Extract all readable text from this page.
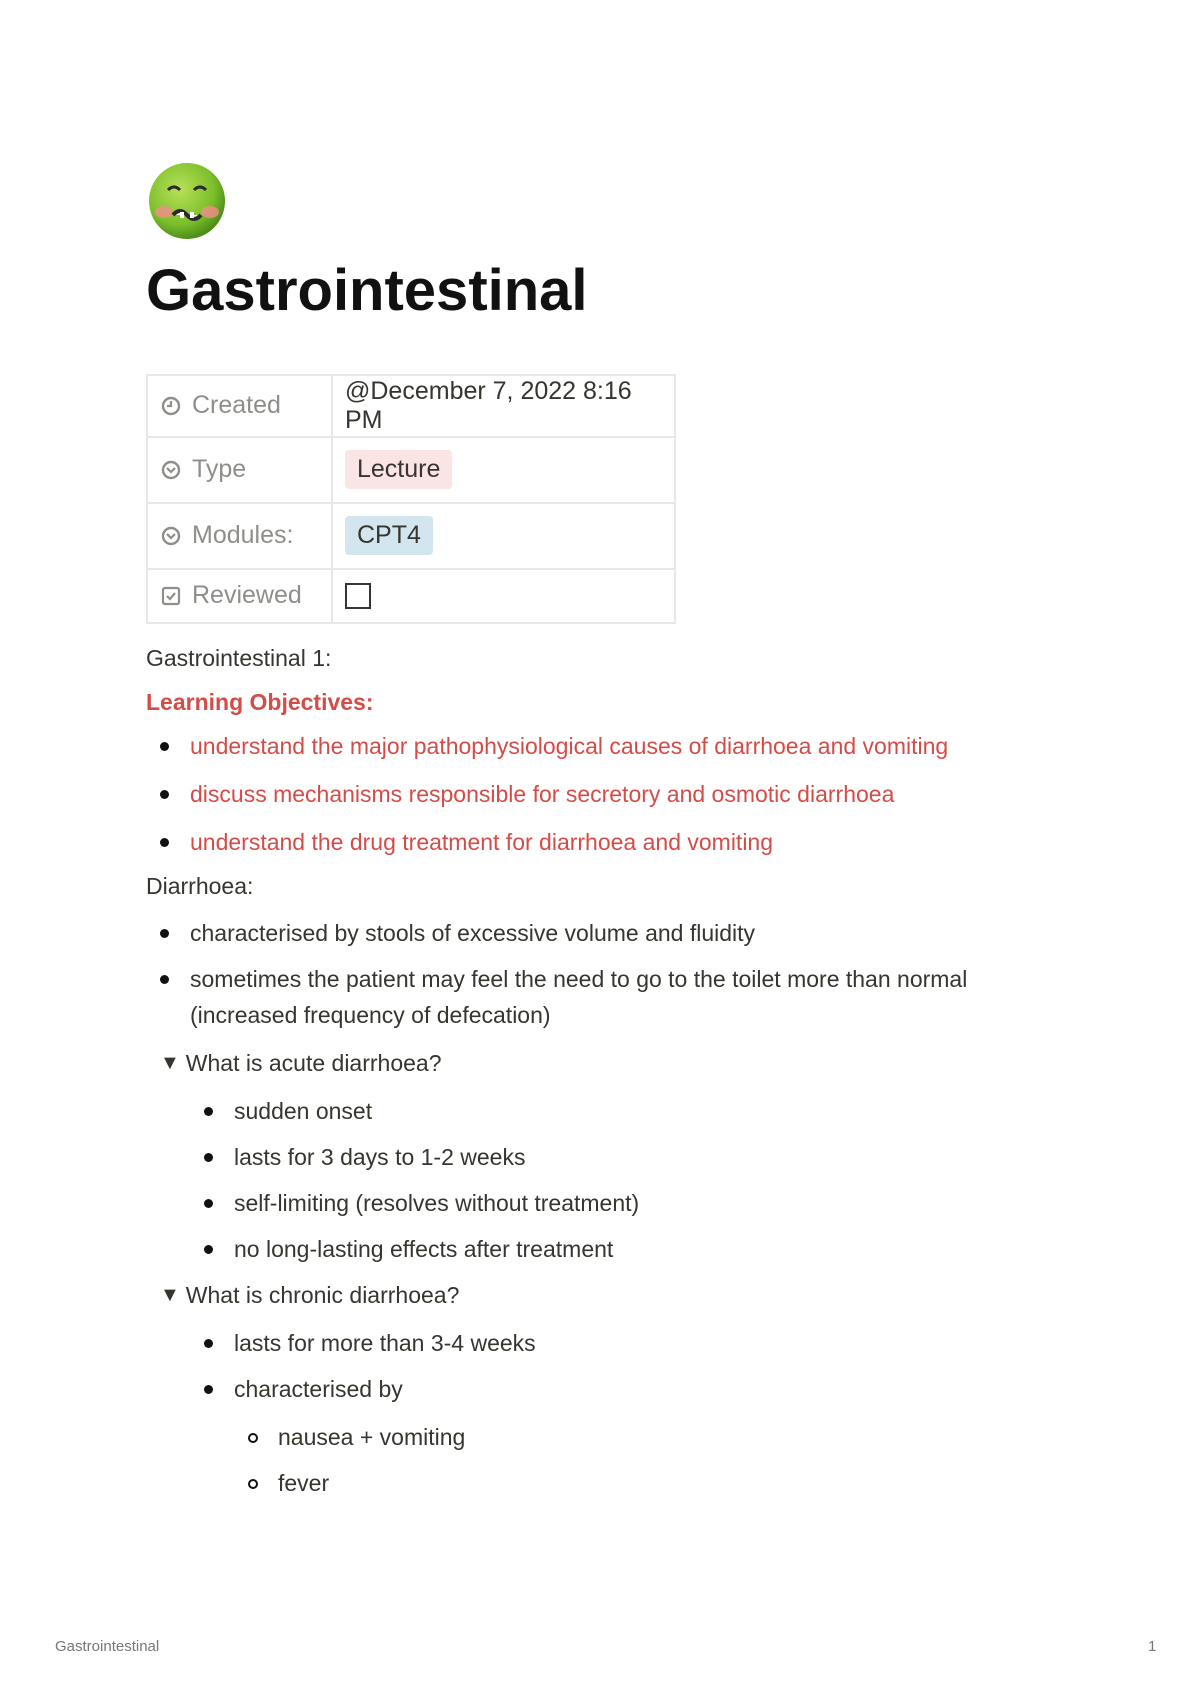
Gastrointestinal
Created	@December 7, 2022 8:16 PM

Type	Lecture

Modules:	CPT4

Reviewed	

Gastrointestinal 1:

Learning Objectives:

understand the major pathophysiological causes of diarrhoea and vomiting
discuss mechanisms responsible for secretory and osmotic diarrhoea
understand the drug treatment for diarrhoea and vomiting

Diarrhoea:

characterised by stools of excessive volume and fluidity
sometimes the patient may feel the need to go to the toilet more than normal (increased frequency of defecation)
▼ What is acute diarrhoea?
sudden onset
lasts for 3 days to 1-2 weeks
self-limiting (resolves without treatment)
no long-lasting effects after treatment
▼ What is chronic diarrhoea?
lasts for more than 3-4 weeks
characterised by
nausea + vomiting
fever
Gastrointestinal	1
